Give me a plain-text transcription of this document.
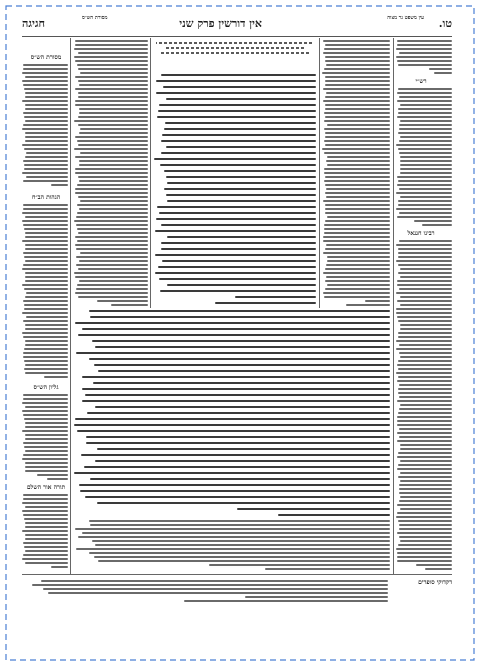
טו.
עין משפט נר מצוה
אין דורשין פרק שני
חגיגה	מסורת הש״ס
רש״י
רבינו חננאל
מסורת הש״ס
הגהות הב״ח
גליון הש״ס
תורה אור השלם
דקדוקי סופרים
